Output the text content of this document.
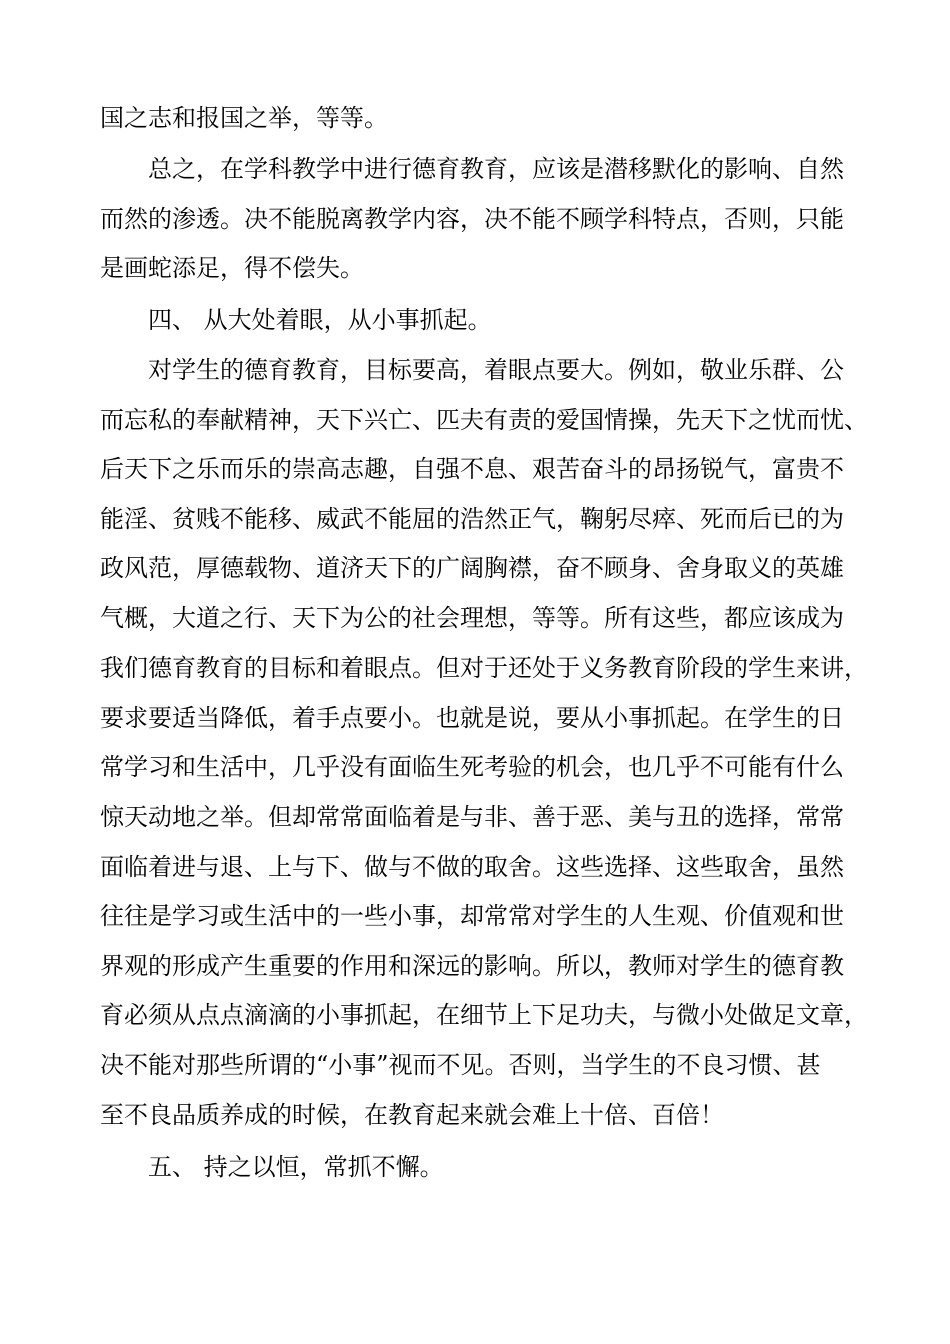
国之志和报国之举，等等。
总之，在学科教学中进行德育教育，应该是潜移默化的影响、自然
而然的渗透。决不能脱离教学内容，决不能不顾学科特点，否则，只能
是画蛇添足，得不偿失。
四、 从大处着眼，从小事抓起。
对学生的德育教育，目标要高，着眼点要大。例如，敬业乐群、公
而忘私的奉献精神，天下兴亡、匹夫有责的爱国情操，先天下之忧而忧、
后天下之乐而乐的崇高志趣，自强不息、艰苦奋斗的昂扬锐气，富贵不
能淫、贫贱不能移、威武不能屈的浩然正气，鞠躬尽瘁、死而后已的为
政风范，厚德载物、道济天下的广阔胸襟，奋不顾身、舍身取义的英雄
气概，大道之行、天下为公的社会理想，等等。所有这些，都应该成为
我们德育教育的目标和着眼点。但对于还处于义务教育阶段的学生来讲，
要求要适当降低，着手点要小。也就是说，要从小事抓起。在学生的日
常学习和生活中，几乎没有面临生死考验的机会，也几乎不可能有什么
惊天动地之举。但却常常面临着是与非、善于恶、美与丑的选择，常常
面临着进与退、上与下、做与不做的取舍。这些选择、这些取舍，虽然
往往是学习或生活中的一些小事，却常常对学生的人生观、价值观和世
界观的形成产生重要的作用和深远的影响。所以，教师对学生的德育教
育必须从点点滴滴的小事抓起，在细节上下足功夫，与微小处做足文章，
决不能对那些所谓的“小事”视而不见。否则，当学生的不良习惯、甚
至不良品质养成的时候，在教育起来就会难上十倍、百倍！
五、 持之以恒，常抓不懈。
